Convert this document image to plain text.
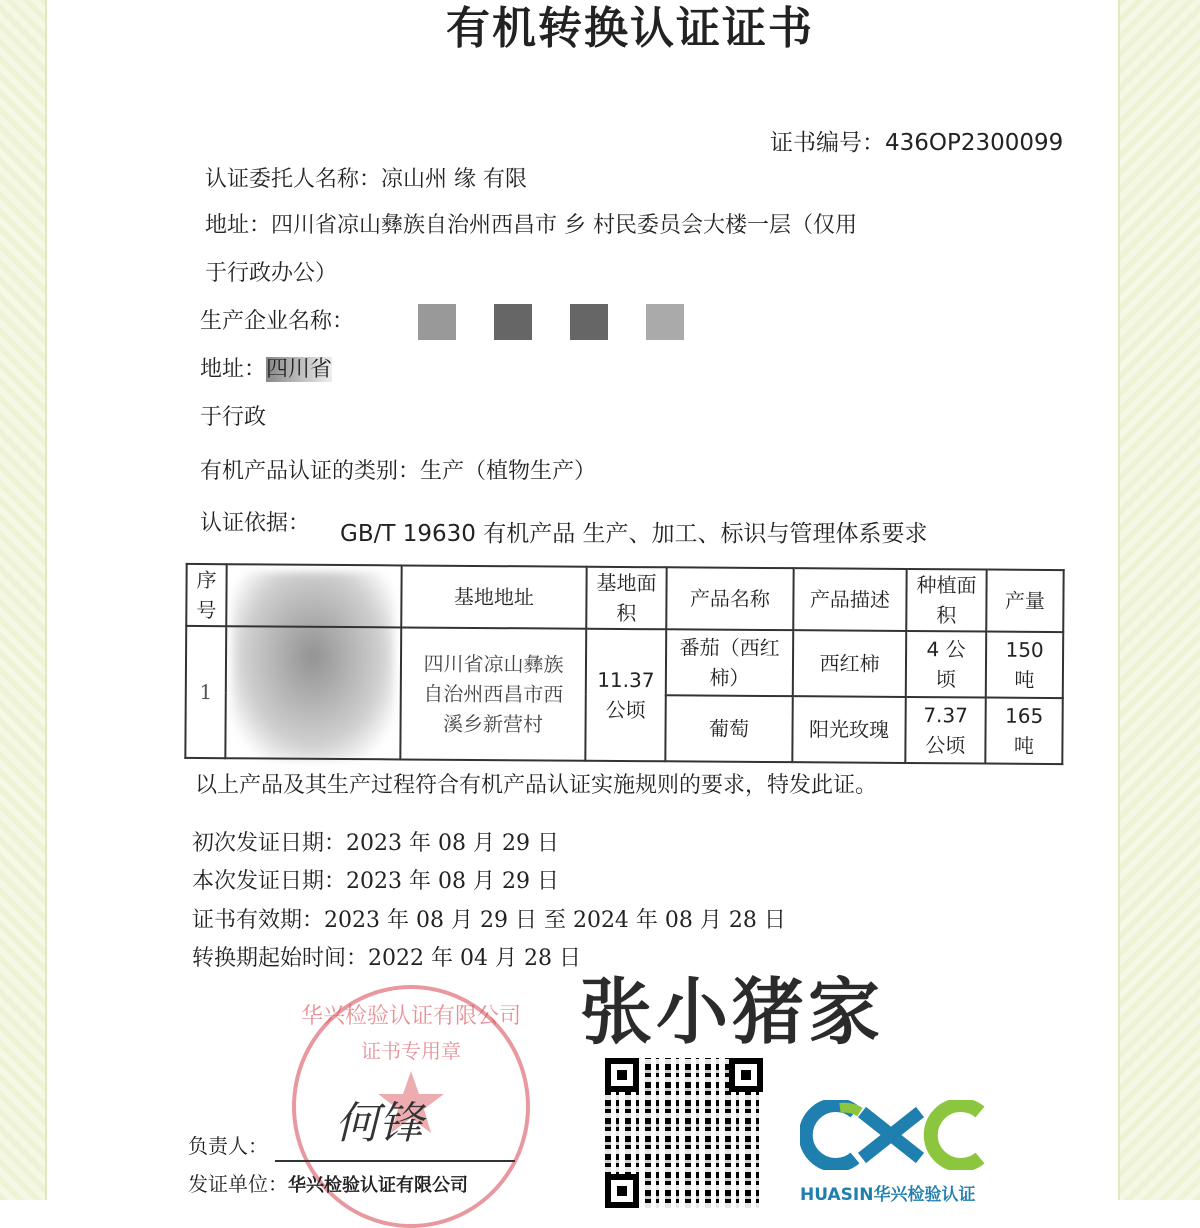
有机转换认证证书
证书编号：436OP2300099
认证委托人名称：凉山州 缘 有限
地址：四川省凉山彝族自治州西昌市 乡 村民委员会大楼一层（仅用
于行政办公）
生产企业名称：
地址：四川省
于行政
有机产品认证的类别：生产（植物生产）
认证依据： GB/T 19630 有机产品 生产、加工、标识与管理体系要求
序号		基地地址	基地面积	产品名称	产品描述	种植面积	产量
1		四川省凉山彝族自治州西昌市西溪乡新营村	11.37 公顷	番茄（西红柿）	西红柿	4 公顷	150 吨
				葡萄	阳光玫瑰	7.37 公顷	165 吨
以上产品及其生产过程符合有机产品认证实施规则的要求，特发此证。
初次发证日期：2023 年 08 月 29 日
本次发证日期：2023 年 08 月 29 日
证书有效期：2023 年 08 月 29 日 至 2024 年 08 月 28 日
转换期起始时间：2022 年 04 月 28 日
华兴检验认证有限公司
证书专用章
负责人： 何锋
发证单位：华兴检验认证有限公司	HUASIN华兴检验认证
张小猪家
